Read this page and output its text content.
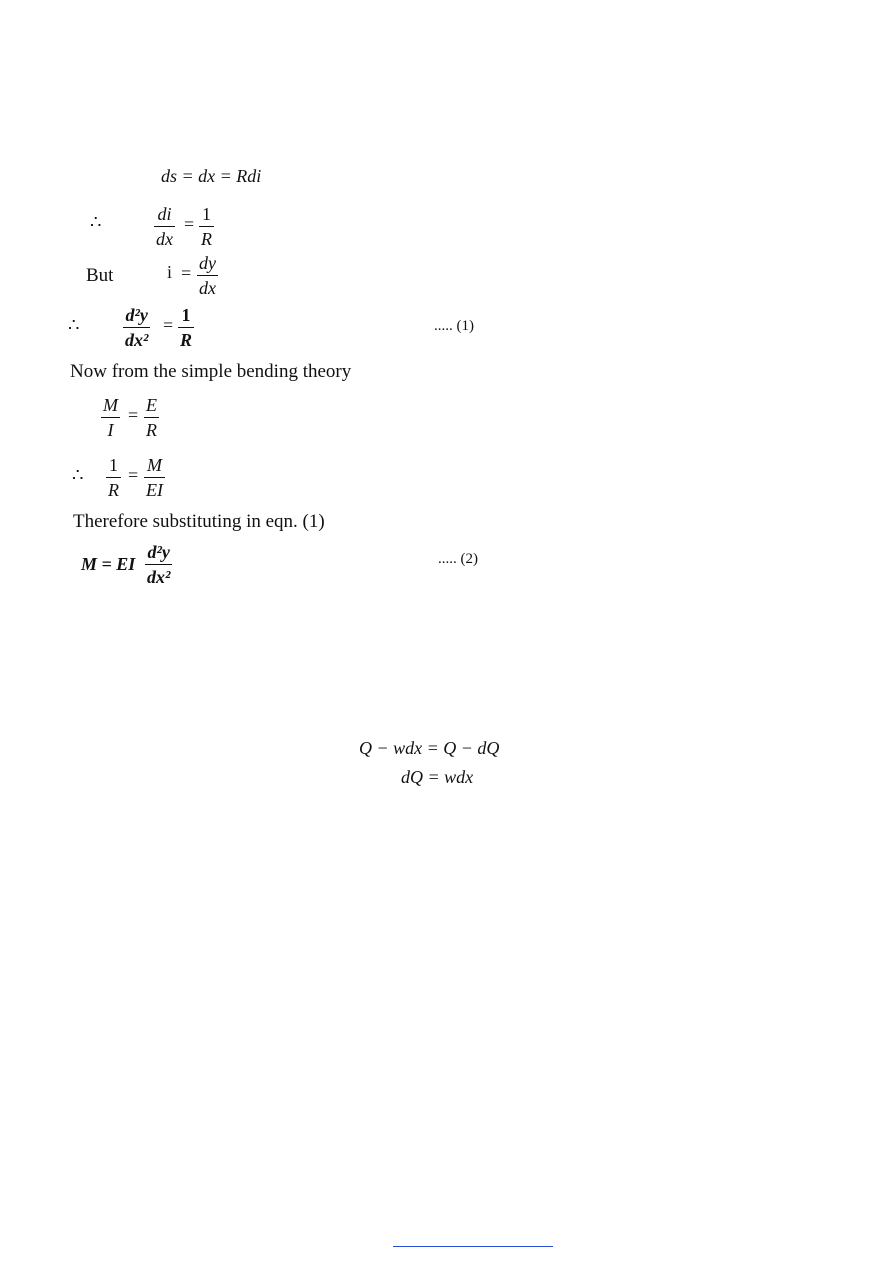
ds = dx = Rdi
∴	$\frac{di}{dx} = \frac{1}{R}$
But	$i = \frac{dy}{dx}$
∴ $\frac{\text{d²y}}{\text{dx²}} = \frac{1}{R}$	..... (1)
Now from the simple bending theory
$\frac{M}{I} = \frac{E}{R}$
∴ $\frac{1}{R} = \frac{M}{EI}$
Therefore substituting in eqn. (1)
M = EI $\frac{\text{d²y}}{\text{dx²}}$	..... (2)
Q − wdx = Q − dQ
dQ = wdx
